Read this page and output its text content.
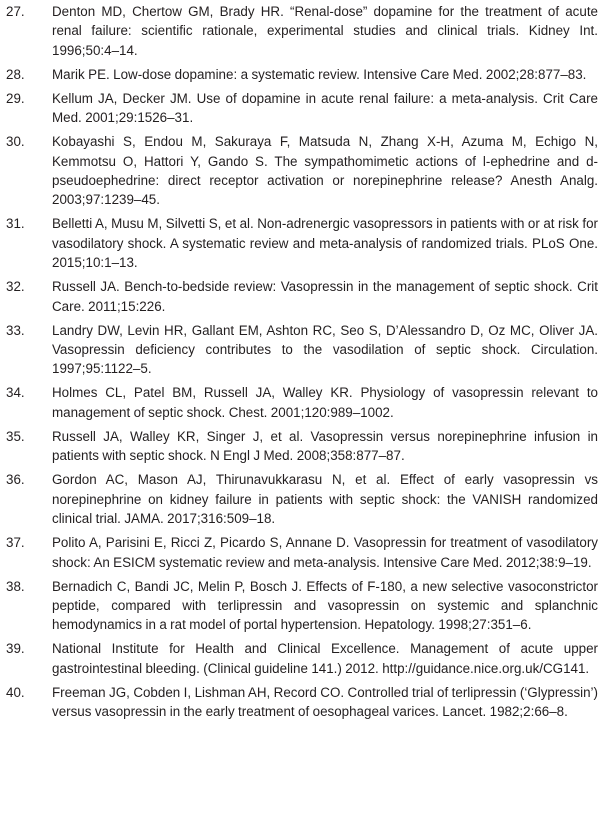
27.	Denton MD, Chertow GM, Brady HR. “Renal-dose” dopamine for the treatment of acute renal failure: scientific rationale, experimental studies and clinical trials. Kidney Int. 1996;50:4–14.
28.	Marik PE. Low-dose dopamine: a systematic review. Intensive Care Med. 2002;28:877–83.
29.	Kellum JA, Decker JM. Use of dopamine in acute renal failure: a meta-analysis. Crit Care Med. 2001;29:1526–31.
30.	Kobayashi S, Endou M, Sakuraya F, Matsuda N, Zhang X-H, Azuma M, Echigo N, Kemmotsu O, Hattori Y, Gando S. The sympathomimetic actions of l-ephedrine and d-pseudoephedrine: direct receptor activation or norepinephrine release? Anesth Analg. 2003;97:1239–45.
31.	Belletti A, Musu M, Silvetti S, et al. Non-adrenergic vasopressors in patients with or at risk for vasodilatory shock. A systematic review and meta-analysis of randomized trials. PLoS One. 2015;10:1–13.
32.	Russell JA. Bench-to-bedside review: Vasopressin in the management of septic shock. Crit Care. 2011;15:226.
33.	Landry DW, Levin HR, Gallant EM, Ashton RC, Seo S, D’Alessandro D, Oz MC, Oliver JA. Vasopressin deficiency contributes to the vasodilation of septic shock. Circulation. 1997;95:1122–5.
34.	Holmes CL, Patel BM, Russell JA, Walley KR. Physiology of vasopressin relevant to management of septic shock. Chest. 2001;120:989–1002.
35.	Russell JA, Walley KR, Singer J, et al. Vasopressin versus norepinephrine infusion in patients with septic shock. N Engl J Med. 2008;358:877–87.
36.	Gordon AC, Mason AJ, Thirunavukkarasu N, et al. Effect of early vasopressin vs norepinephrine on kidney failure in patients with septic shock: the VANISH randomized clinical trial. JAMA. 2017;316:509–18.
37.	Polito A, Parisini E, Ricci Z, Picardo S, Annane D. Vasopressin for treatment of vasodilatory shock: An ESICM systematic review and meta-analysis. Intensive Care Med. 2012;38:9–19.
38.	Bernadich C, Bandi JC, Melin P, Bosch J. Effects of F-180, a new selective vasoconstrictor peptide, compared with terlipressin and vasopressin on systemic and splanchnic hemodynamics in a rat model of portal hypertension. Hepatology. 1998;27:351–6.
39.	National Institute for Health and Clinical Excellence. Management of acute upper gastrointestinal bleeding. (Clinical guideline 141.) 2012. http://guidance.nice.org.uk/CG141.
40.	Freeman JG, Cobden I, Lishman AH, Record CO. Controlled trial of terlipressin (‘Glypressin’) versus vasopressin in the early treatment of oesophageal varices. Lancet. 1982;2:66–8.
